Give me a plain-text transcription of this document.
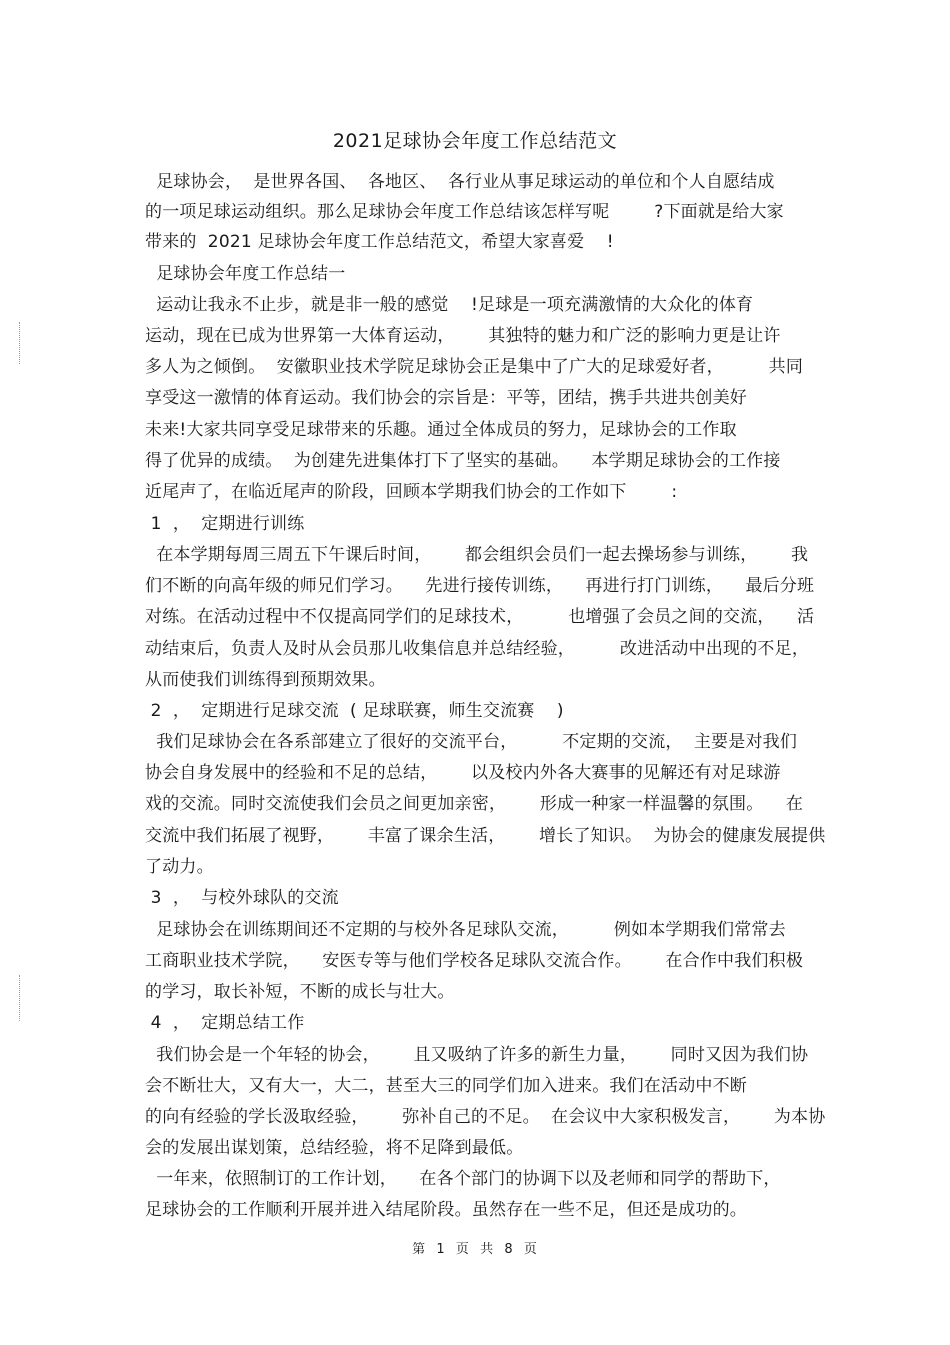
2021足球协会年度工作总结范文
足球协会，  是世界各国、  各地区、  各行业从事足球运动的单位和个人自愿结成
的一项足球运动组织。那么足球协会年度工作总结该怎样写呢        ?下面就是给大家
带来的  2021 足球协会年度工作总结范文，希望大家喜爱    !
足球协会年度工作总结一
运动让我永不止步，就是非一般的感觉    !足球是一项充满激情的大众化的体育
运动，现在已成为世界第一大体育运动，      其独特的魅力和广泛的影响力更是让许
多人为之倾倒。  安徽职业技术学院足球协会正是集中了广大的足球爱好者，        共同
享受这一激情的体育运动。我们协会的宗旨是：平等，团结，携手共进共创美好
未来!大家共同享受足球带来的乐趣。通过全体成员的努力，足球协会的工作取
得了优异的成绩。  为创建先进集体打下了坚实的基础。    本学期足球协会的工作接
近尾声了，在临近尾声的阶段，回顾本学期我们协会的工作如下        :
1  ，  定期进行训练
在本学期每周三周五下午课后时间，      都会组织会员们一起去操场参与训练，      我
们不断的向高年级的师兄们学习。    先进行接传训练，    再进行打门训练，    最后分班
对练。在活动过程中不仅提高同学们的足球技术，        也增强了会员之间的交流，    活
动结束后，负责人及时从会员那儿收集信息并总结经验，        改进活动中出现的不足，
从而使我们训练得到预期效果。
2  ，  定期进行足球交流  ( 足球联赛，师生交流赛    )
我们足球协会在各系部建立了很好的交流平台，        不定期的交流，  主要是对我们
协会自身发展中的经验和不足的总结，      以及校内外各大赛事的见解还有对足球游
戏的交流。同时交流使我们会员之间更加亲密，      形成一种家一样温馨的氛围。    在
交流中我们拓展了视野，      丰富了课余生活，      增长了知识。  为协会的健康发展提供
了动力。
3  ，  与校外球队的交流
足球协会在训练期间还不定期的与校外各足球队交流，        例如本学期我们常常去
工商职业技术学院，    安医专等与他们学校各足球队交流合作。      在合作中我们积极
的学习，取长补短，不断的成长与壮大。
4  ，  定期总结工作
我们协会是一个年轻的协会，      且又吸纳了许多的新生力量，      同时又因为我们协
会不断壮大，又有大一，大二，甚至大三的同学们加入进来。我们在活动中不断
的向有经验的学长汲取经验，      弥补自己的不足。  在会议中大家积极发言，      为本协
会的发展出谋划策，总结经验，将不足降到最低。
一年来，依照制订的工作计划，    在各个部门的协调下以及老师和同学的帮助下，
足球协会的工作顺利开展并进入结尾阶段。虽然存在一些不足，但还是成功的。
第  1  页  共  8  页
